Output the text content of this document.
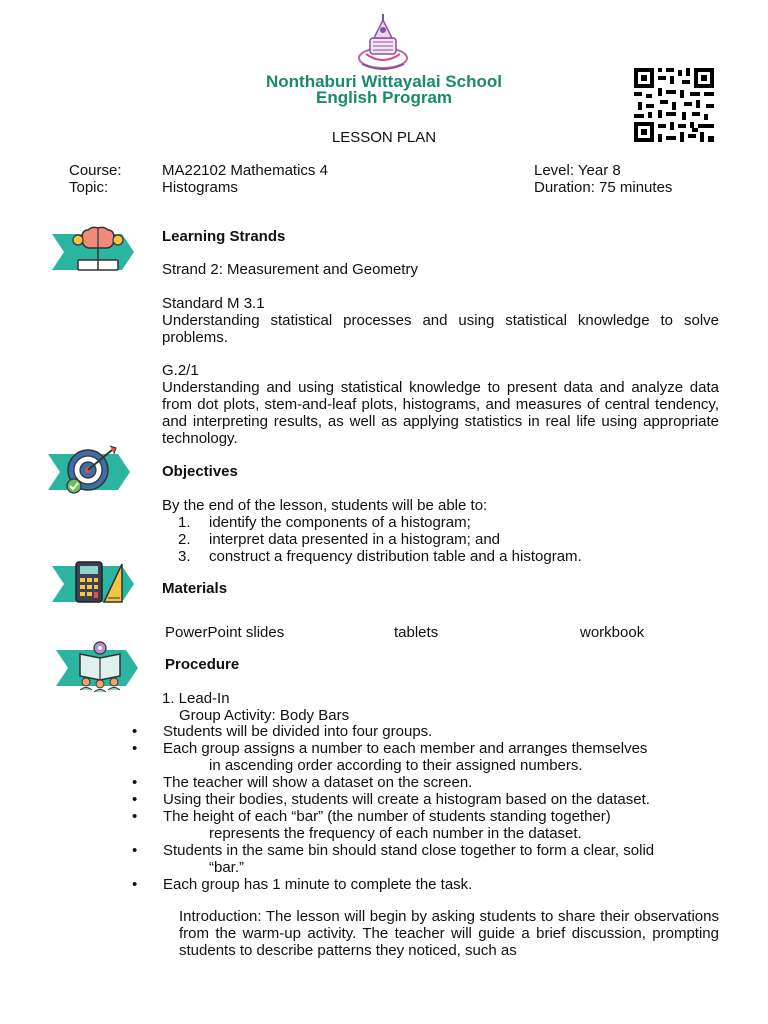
Nonthaburi Wittayalai School
English Program
LESSON PLAN
Course:	MA22102 Mathematics 4	Level: Year 8
Topic:	Histograms	Duration: 75 minutes
Learning Strands
Strand 2: Measurement and Geometry
Standard M 3.1

Understanding statistical processes and using statistical knowledge to solve problems.

G.2/1

Understanding and using statistical knowledge to present data and analyze data from dot plots, stem-and-leaf plots, histograms, and measures of central tendency, and interpreting results, as well as applying statistics in real life using appropriate technology.

Objectives
By the end of the lesson, students will be able to:
1.	identify the components of a histogram;
2.	interpret data presented in a histogram; and
3.	construct a frequency distribution table and a histogram.
Materials
PowerPoint slides	tablets	workbook
Procedure
1. Lead-In
Group Activity: Body Bars
• Students will be divided into four groups.
• Each group assigns a number to each member and arranges themselves
in ascending order according to their assigned numbers.
• The teacher will show a dataset on the screen.
• Using their bodies, students will create a histogram based on the dataset.
• The height of each “bar” (the number of students standing together)
represents the frequency of each number in the dataset.
• Students in the same bin should stand close together to form a clear, solid
“bar.”
• Each group has 1 minute to complete the task.

Introduction: The lesson will begin by asking students to share their observations from the warm-up activity. The teacher will guide a brief discussion, prompting students to describe patterns they noticed, such as
